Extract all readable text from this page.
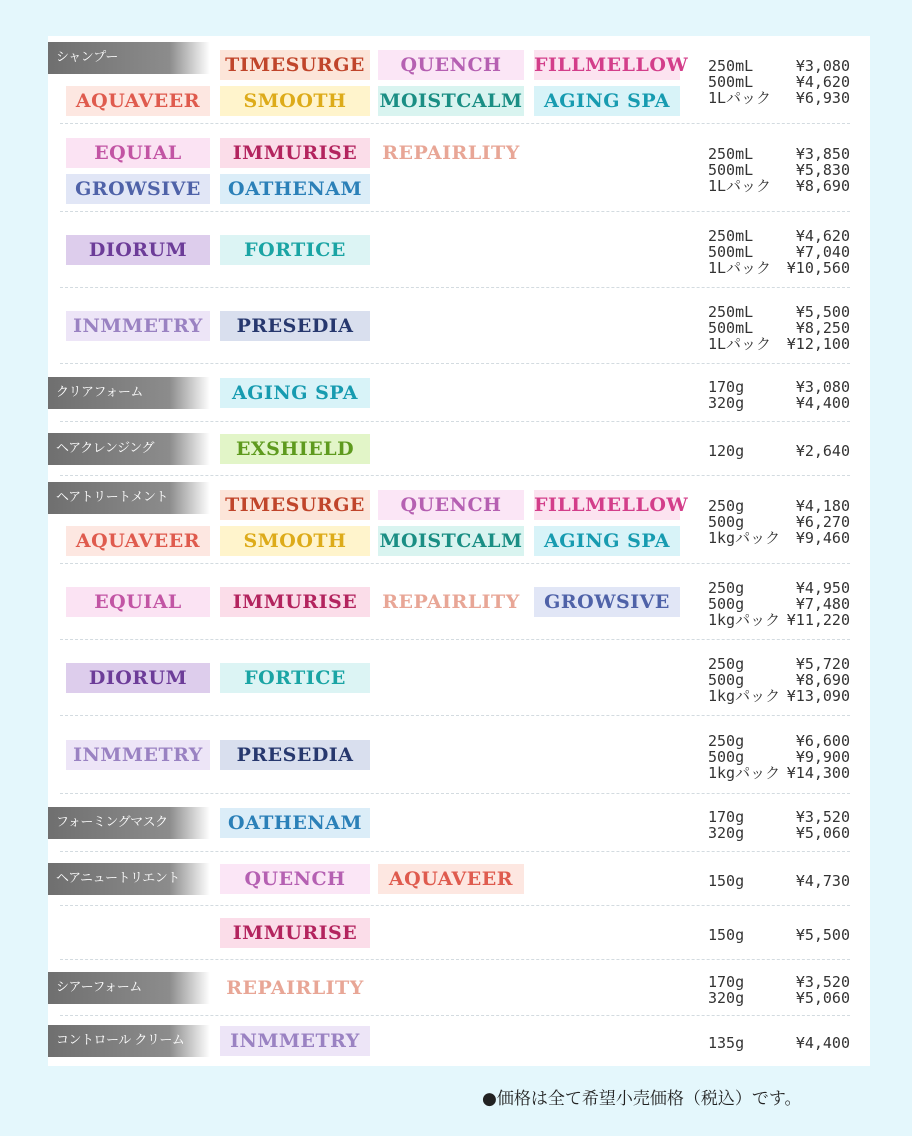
シャンプー	TIMESURGE	QUENCH	FILLMELLOW
AQUAVEER	SMOOTH	MOISTCALM	AGING SPA
250mL	¥3,080
500mL	¥4,620
1Lパック ¥6,930
EQUIAL	IMMURISE	REPAIRLITY
GROWSIVE	OATHENAM
250mL	¥3,850
500mL	¥5,830
1Lパック ¥8,690
DIORUM	FORTICE
250mL	¥4,620
500mL	¥7,040
1Lパック ¥10,560
INMMETRY	PRESEDIA
250mL	¥5,500
500mL	¥8,250
1Lパック ¥12,100
クリアフォーム	AGING SPA	170g	¥3,080
320g	¥4,400
ヘアクレンジング	EXSHIELD	120g	¥2,640
ヘアトリートメント	TIMESURGE	QUENCH	FILLMELLOW
AQUAVEER	SMOOTH	MOISTCALM	AGING SPA
250g	¥4,180
500g	¥6,270
1kgパック ¥9,460
EQUIAL	IMMURISE	REPAIRLITY	GROWSIVE
250g	¥4,950
500g	¥7,480
1kgパック ¥11,220
DIORUM	FORTICE
250g	¥5,720
500g	¥8,690
1kgパック ¥13,090
INMMETRY	PRESEDIA
250g	¥6,600
500g	¥9,900
1kgパック ¥14,300
フォーミングマスク	OATHENAM	170g	¥3,520
320g	¥5,060
ヘアニュートリエント	QUENCH	AQUAVEER	150g	¥4,730
IMMURISE	150g	¥5,500
シアーフォーム	REPAIRLITY	170g	¥3,520
320g	¥5,060
コントロール クリーム	INMMETRY	135g	¥4,400
●価格は全て希望小売価格（税込）です。
